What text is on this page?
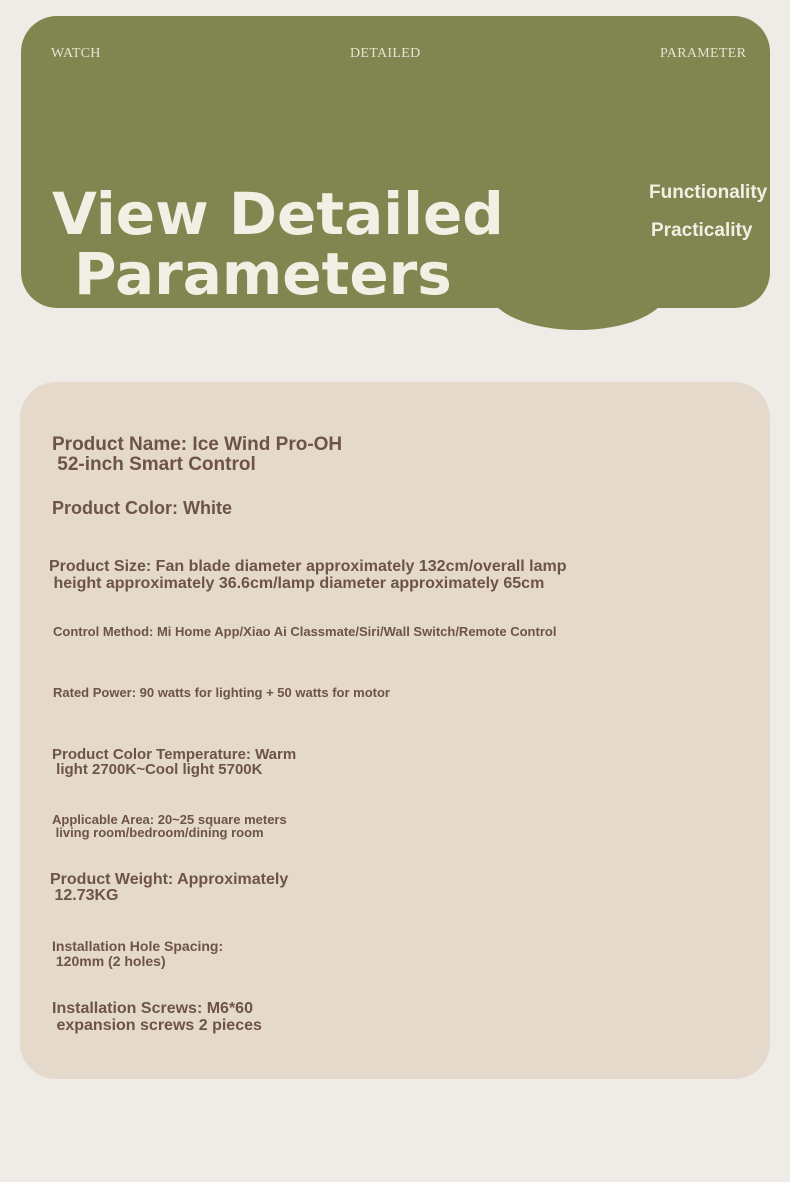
WATCH	DETAILED	PARAMETER
View Detailed
Parameters
Functionality
Practicality

Product Name: Ice Wind Pro-OH
52-inch Smart Control

Product Color: White

Product Size: Fan blade diameter approximately 132cm/overall lamp
height approximately 36.6cm/lamp diameter approximately 65cm

Control Method: Mi Home App/Xiao Ai Classmate/Siri/Wall Switch/Remote Control

Rated Power: 90 watts for lighting + 50 watts for motor

Product Color Temperature: Warm
light 2700K~Cool light 5700K

Applicable Area: 20~25 square meters
living room/bedroom/dining room

Product Weight: Approximately
12.73KG

Installation Hole Spacing:
120mm (2 holes)

Installation Screws: M6*60
expansion screws 2 pieces
